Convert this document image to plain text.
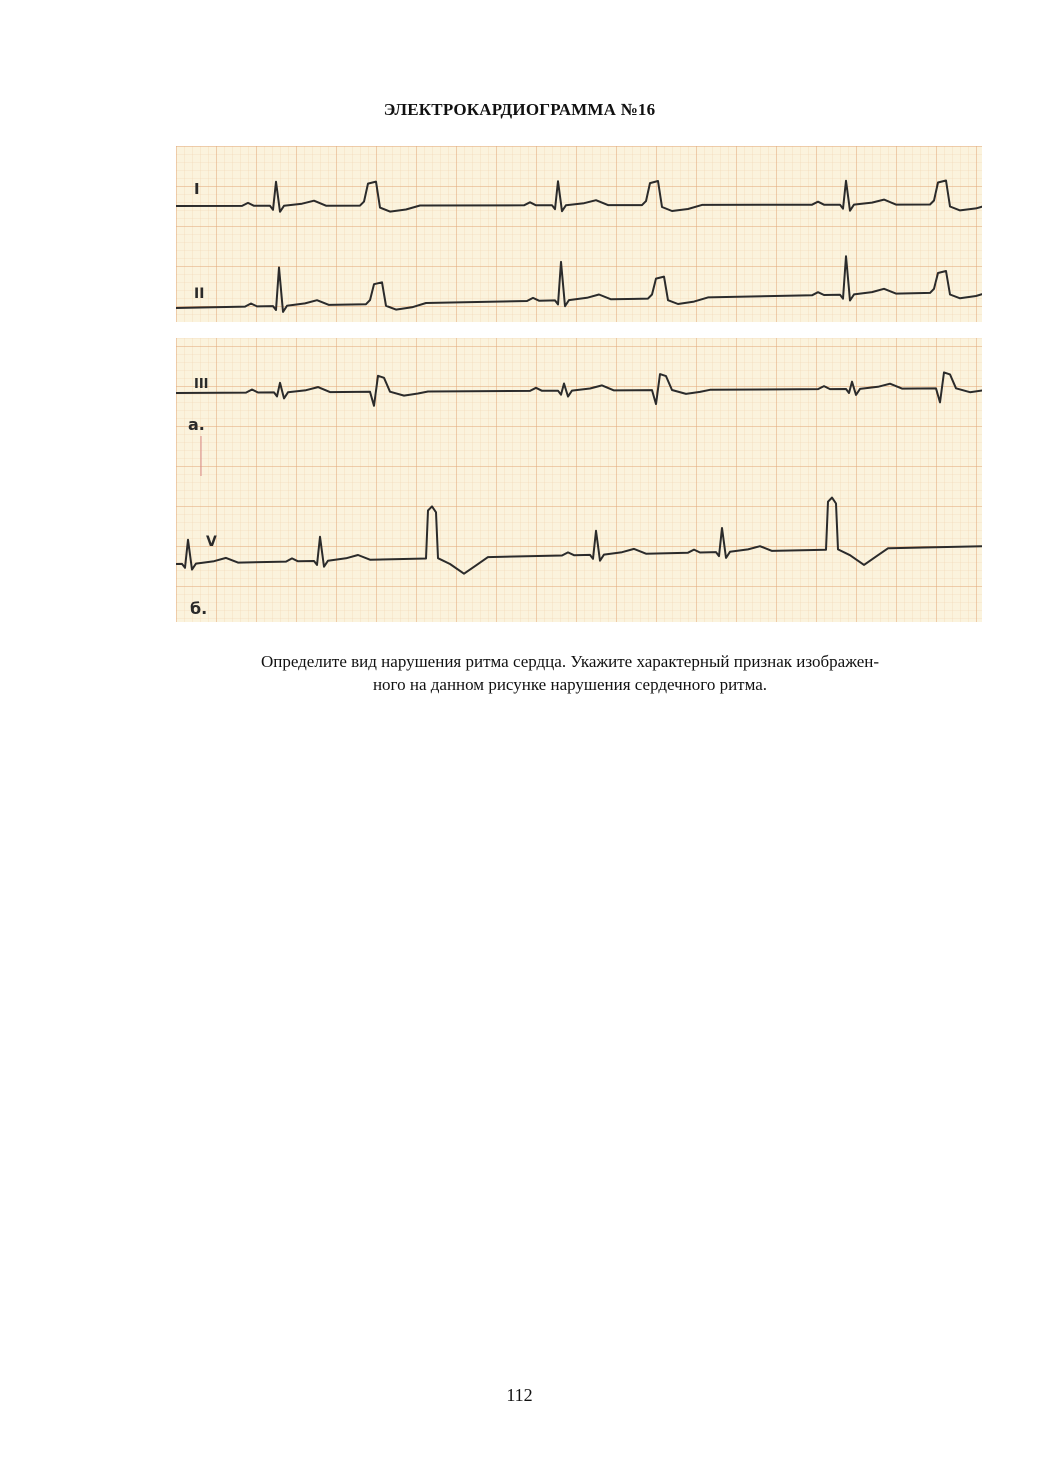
ЭЛЕКТРОКАРДИОГРАММА №16
I
II
III
V
а.
б.
Определите вид нарушения ритма сердца. Укажите характерный признак изображен-
ного на данном рисунке нарушения сердечного ритма.
112
